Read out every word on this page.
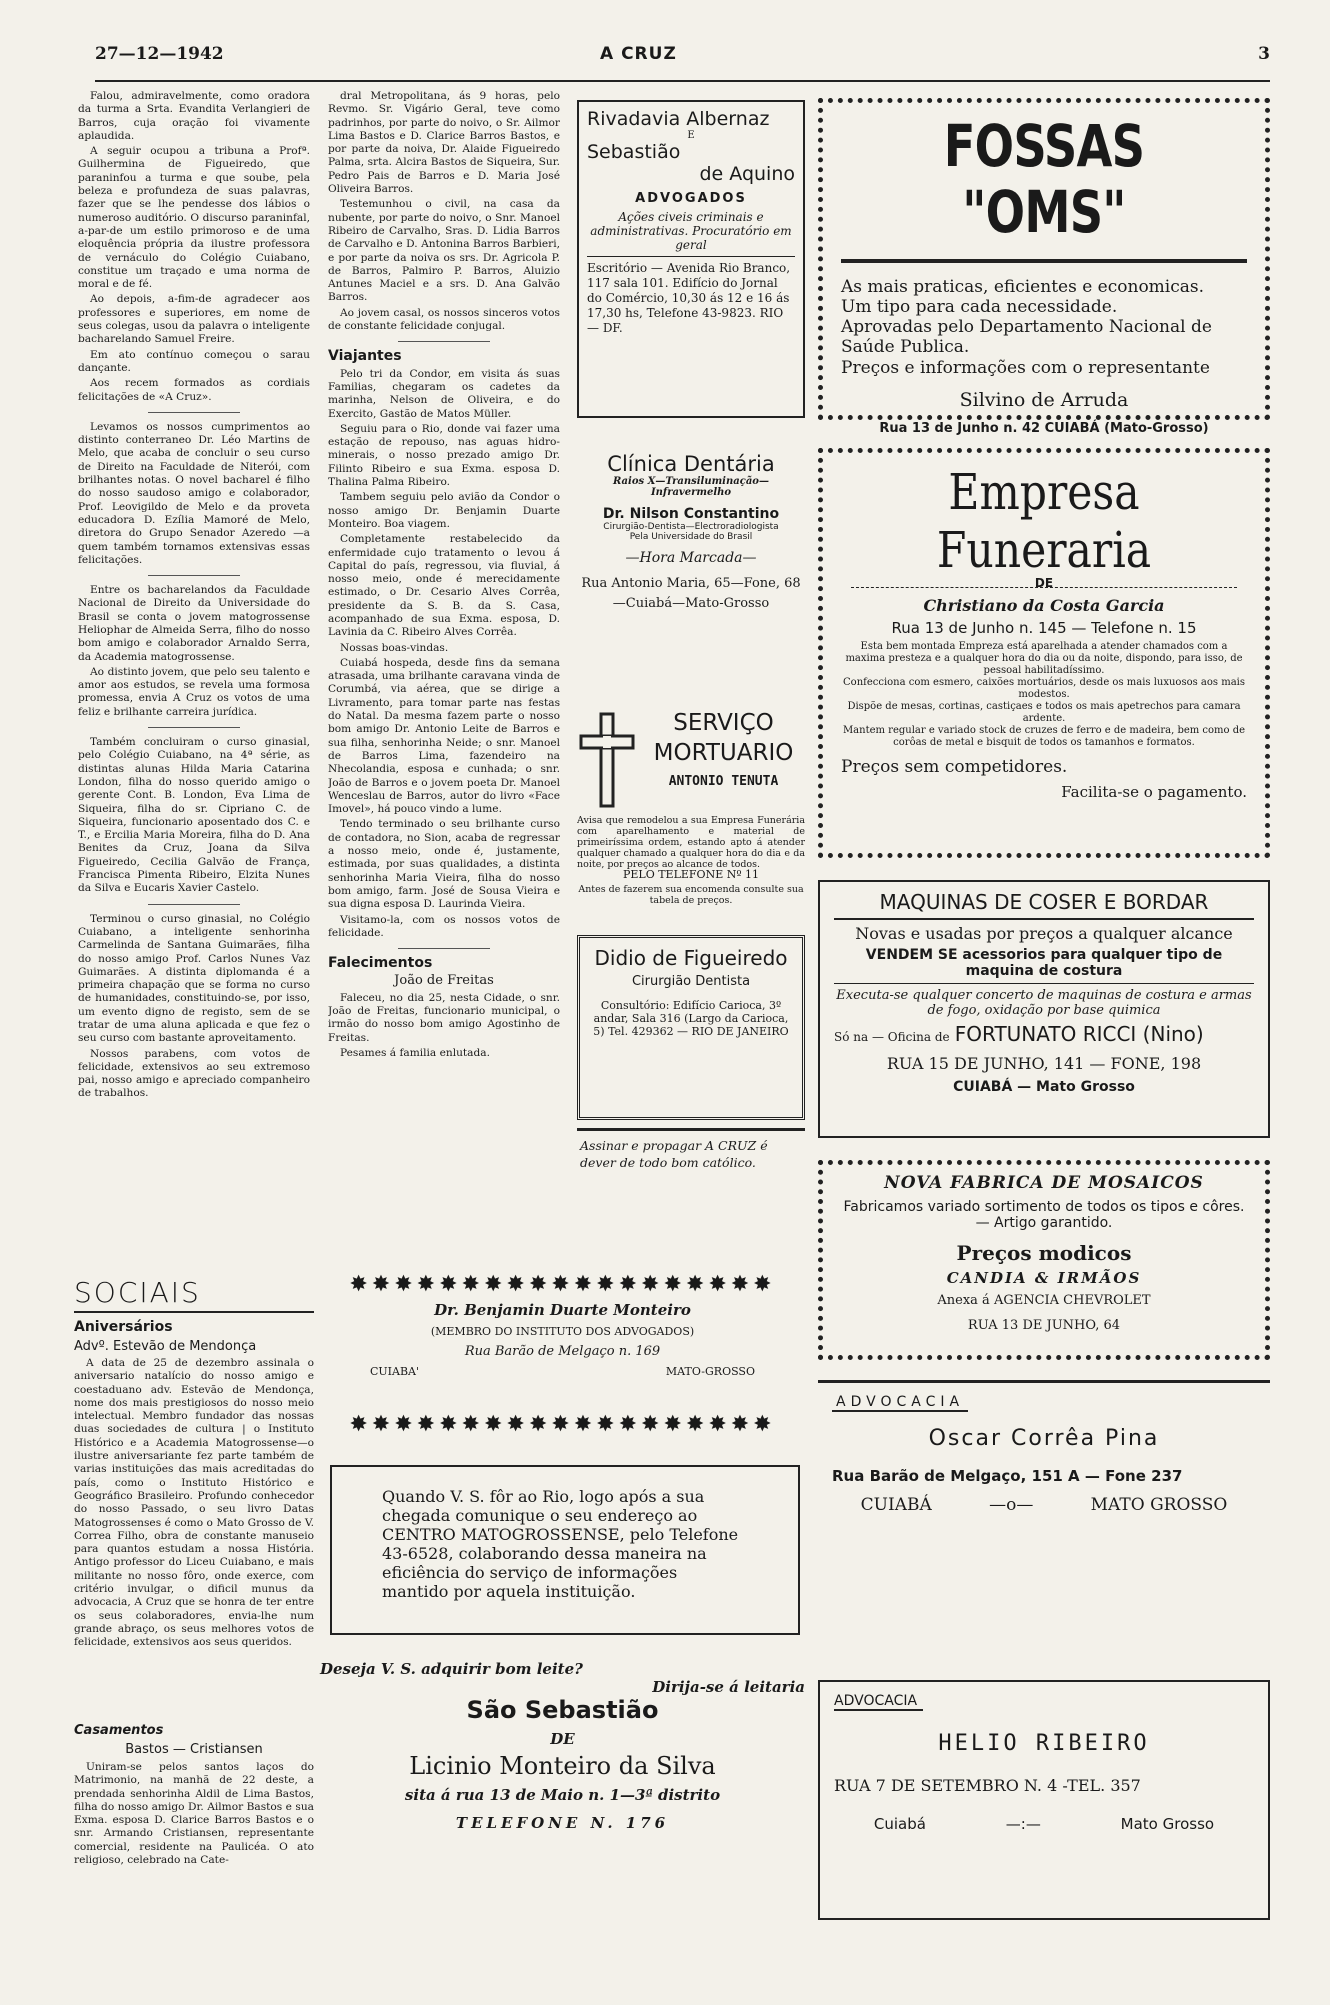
27—12—1942	A CRUZ	3

Falou, admiravelmente, como oradora da turma a Srta. Evandita Verlangieri de Barros, cuja oração foi vivamente aplaudida.

A seguir ocupou a tribuna a Profª. Guilhermina de Figueiredo, que paraninfou a turma e que soube, pela beleza e profundeza de suas palavras, fazer que se lhe pendesse dos lábios o numeroso auditório. O discurso paraninfal, a-par-de um estilo primoroso e de uma eloquência própria da ilustre professora de vernáculo do Colégio Cuiabano, constitue um traçado e uma norma de moral e de fé.

Ao depois, a-fim-de agradecer aos professores e superiores, em nome de seus colegas, usou da palavra o inteligente bacharelando Samuel Freire.

Em ato contínuo começou o sarau dançante.

Aos recem formados as cordiais felicitações de «A Cruz».

Levamos os nossos cumprimentos ao distinto conterraneo Dr. Léo Martins de Melo, que acaba de concluir o seu curso de Direito na Faculdade de Niterói, com brilhantes notas. O novel bacharel é filho do nosso saudoso amigo e colaborador, Prof. Leovigildo de Melo e da proveta educadora D. Ezília Mamoré de Melo, diretora do Grupo Senador Azeredo —a quem também tornamos extensivas essas felicitações.

Entre os bacharelandos da Faculdade Nacional de Direito da Universidade do Brasil se conta o jovem matogrossense Heliophar de Almeida Serra, filho do nosso bom amigo e colaborador Arnaldo Serra, da Academia matogrossense.

Ao distinto jovem, que pelo seu talento e amor aos estudos, se revela uma formosa promessa, envia A Cruz os votos de uma feliz e brilhante carreira jurídica.

Também concluiram o curso ginasial, pelo Colégio Cuiabano, na 4ª série, as distintas alunas Hilda Maria Catarina London, filha do nosso querido amigo o gerente Cont. B. London, Eva Lima de Siqueira, filha do sr. Cipriano C. de Siqueira, funcionario aposentado dos C. e T., e Ercilia Maria Moreira, filha do D. Ana Benites da Cruz, Joana da Silva Figueiredo, Cecilia Galvão de França, Francisca Pimenta Ribeiro, Elzita Nunes da Silva e Eucaris Xavier Castelo.

Terminou o curso ginasial, no Colégio Cuiabano, a inteligente senhorinha Carmelinda de Santana Guimarães, filha do nosso amigo Prof. Carlos Nunes Vaz Guimarães. A distinta diplomanda é a primeira chapação que se forma no curso de humanidades, constituindo-se, por isso, um evento digno de registo, sem de se tratar de uma aluna aplicada e que fez o seu curso com bastante aproveitamento.

Nossos parabens, com votos de felicidade, extensivos ao seu extremoso pai, nosso amigo e apreciado companheiro de trabalhos.

SOCIAIS
Aniversários
Advº. Estevão de Mendonça

A data de 25 de dezembro assinala o aniversario natalício do nosso amigo e coestaduano adv. Estevão de Mendonça, nome dos mais prestigiosos do nosso meio intelectual. Membro fundador das nossas duas sociedades de cultura | o Instituto Histórico e a Academia Matogrossense—o ilustre aniversariante fez parte também de varias instituições das mais acreditadas do país, como o Instituto Histórico e Geográfico Brasileiro. Profundo conhecedor do nosso Passado, o seu livro Datas Matogrossenses é como o Mato Grosso de V. Correa Filho, obra de constante manuseio para quantos estudam a nossa História. Antigo professor do Liceu Cuiabano, e mais militante no nosso fôro, onde exerce, com critério invulgar, o dificil munus da advocacia, A Cruz que se honra de ter entre os seus colaboradores, envia-lhe num grande abraço, os seus melhores votos de felicidade, extensivos aos seus queridos.

Casamentos
Bastos — Cristiansen

Uniram-se pelos santos laços do Matrimonio, na manhã de 22 deste, a prendada senhorinha Aldil de Lima Bastos, filha do nosso amigo Dr. Ailmor Bastos e sua Exma. esposa D. Clarice Barros Bastos e o snr. Armando Cristiansen, representante comercial, residente na Paulicéa. O ato religioso, celebrado na Cate-

dral Metropolitana, ás 9 horas, pelo Revmo. Sr. Vigário Geral, teve como padrinhos, por parte do noivo, o Sr. Ailmor Lima Bastos e D. Clarice Barros Bastos, e por parte da noiva, Dr. Alaide Figueiredo Palma, srta. Alcira Bastos de Siqueira, Sur. Pedro Pais de Barros e D. Maria José Oliveira Barros.

Testemunhou o civil, na casa da nubente, por parte do noivo, o Snr. Manoel Ribeiro de Carvalho, Sras. D. Lidia Barros de Carvalho e D. Antonina Barros Barbieri, e por parte da noiva os srs. Dr. Agricola P. de Barros, Palmiro P. Barros, Aluizio Antunes Maciel e a srs. D. Ana Galvão Barros.

Ao jovem casal, os nossos sinceros votos de constante felicidade conjugal.

Viajantes

Pelo tri da Condor, em visita ás suas Familias, chegaram os cadetes da marinha, Nelson de Oliveira, e do Exercito, Gastão de Matos Müller.

Seguiu para o Rio, donde vai fazer uma estação de repouso, nas aguas hidro-minerais, o nosso prezado amigo Dr. Filinto Ribeiro e sua Exma. esposa D. Thalina Palma Ribeiro.

Tambem seguiu pelo avião da Condor o nosso amigo Dr. Benjamin Duarte Monteiro. Boa viagem.

Completamente restabelecido da enfermidade cujo tratamento o levou á Capital do país, regressou, via fluvial, á nosso meio, onde é merecidamente estimado, o Dr. Cesario Alves Corrêa, presidente da S. B. da S. Casa, acompanhado de sua Exma. esposa, D. Lavinia da C. Ribeiro Alves Corrêa.

Nossas boas-vindas.

Cuiabá hospeda, desde fins da semana atrasada, uma brilhante caravana vinda de Corumbá, via aérea, que se dirige a Livramento, para tomar parte nas festas do Natal. Da mesma fazem parte o nosso bom amigo Dr. Antonio Leite de Barros e sua filha, senhorinha Neide; o snr. Manoel de Barros Lima, fazendeiro na Nhecolandia, esposa e cunhada; o snr. João de Barros e o jovem poeta Dr. Manoel Wenceslau de Barros, autor do livro «Face Imovel», há pouco vindo a lume.

Tendo terminado o seu brilhante curso de contadora, no Sion, acaba de regressar a nosso meio, onde é, justamente, estimada, por suas qualidades, a distinta senhorinha Maria Vieira, filha do nosso bom amigo, farm. José de Sousa Vieira e sua digna esposa D. Laurinda Vieira.

Visitamo-la, com os nossos votos de felicidade.

Falecimentos
João de Freitas

Faleceu, no dia 25, nesta Cidade, o snr. João de Freitas, funcionario municipal, o irmão do nosso bom amigo Agostinho de Freitas.

Pesames á familia enlutada.

Rivadavia Albernaz
E
Sebastião
de Aquino
ADVOGADOS
Ações civeis criminais e administrativas. Procuratório em geral
Escritório — Avenida Rio Branco, 117 sala 101. Edifício do Jornal do Comércio, 10,30 ás 12 e 16 ás 17,30 hs, Telefone 43-9823. RIO — DF.
Clínica Dentária
Raios X—Transiluminação—Infravermelho
Dr. Nilson Constantino
Cirurgião-Dentista—Electroradiologista
Pela Universidade do Brasil
—Hora Marcada—
Rua Antonio Maria, 65—Fone, 68—Cuiabá—Mato-Grosso
SERVIÇO
MORTUARIO
ANTONIO TENUTA
Avisa que remodelou a sua Empresa Funerária com aparelhamento e material de primeiríssima ordem, estando apto á atender qualquer chamado a qualquer hora do dia e da noite, por preços ao alcance de todos.
PELO TELEFONE Nº 11
Antes de fazerem sua encomenda consulte sua tabela de preços.
Didio de Figueiredo
Cirurgião Dentista
Consultório: Edifício Carioca, 3º andar, Sala 316 (Largo da Carioca, 5) Tel. 429362 — RIO DE JANEIRO
Assinar e propagar A CRUZ é dever de todo bom católico.
FOSSAS "OMS"
As mais praticas, eficientes e economicas.
Um tipo para cada necessidade.
Aprovadas pelo Departamento Nacional de Saúde Publica.
Preços e informações com o representante
Silvino de Arruda
Rua 13 de Junho n. 42 CUIABÁ (Mato-Grosso)
Empresa Funeraria
DE
Christiano da Costa Garcia
Rua 13 de Junho n. 145 — Telefone n. 15
Esta bem montada Empreza está aparelhada a atender chamados com a maxima presteza e a qualquer hora do dia ou da noite, dispondo, para isso, de pessoal habilitadíssimo.
Confecciona com esmero, caixões mortuários, desde os mais luxuosos aos mais modestos.
Dispõe de mesas, cortinas, castiçaes e todos os mais apetrechos para camara ardente.
Mantem regular e variado stock de cruzes de ferro e de madeira, bem como de corôas de metal e bisquit de todos os tamanhos e formatos.
Preços sem competidores.
Facilita-se o pagamento.
MAQUINAS DE COSER E BORDAR
Novas e usadas por preços a qualquer alcance
VENDEM SE acessorios para qualquer tipo de maquina de costura
Executa-se qualquer concerto de maquinas de costura e armas de fogo, oxidação por base quimica
Só na — Oficina de FORTUNATO RICCI (Nino)
RUA 15 DE JUNHO, 141 — FONE, 198
CUIABÁ — Mato Grosso
NOVA FABRICA DE MOSAICOS
Fabricamos variado sortimento de todos os tipos e côres. — Artigo garantido.
Preços modicos
CANDIA & IRMÃOS
Anexa á AGENCIA CHEVROLET
RUA 13 DE JUNHO, 64
✸✸✸✸✸✸✸✸✸✸✸✸✸✸✸✸✸✸✸
Dr. Benjamin Duarte Monteiro
(MEMBRO DO INSTITUTO DOS ADVOGADOS)
Rua Barão de Melgaço n. 169
CUIABA'	MATO-GROSSO
✸✸✸✸✸✸✸✸✸✸✸✸✸✸✸✸✸✸✸
Quando V. S. fôr ao Rio, logo após a sua chegada comunique o seu endereço ao CENTRO MATOGROSSENSE, pelo Telefone 43-6528, colaborando dessa maneira na eficiência do serviço de informações mantido por aquela instituição.
Deseja V. S. adquirir bom leite?
Dirija-se á leitaria
São Sebastião
DE
Licinio Monteiro da Silva
sita á rua 13 de Maio n. 1—3ª distrito
TELEFONE N. 176
ADVOCACIA
Oscar Corrêa Pina
Rua Barão de Melgaço, 151 A — Fone 237
CUIABÁ	—o—	MATO GROSSO
ADVOCACIA
HELIO RIBEIRO
RUA 7 DE SETEMBRO N. 4 -TEL. 357
Cuiabá	—:—	Mato Grosso
